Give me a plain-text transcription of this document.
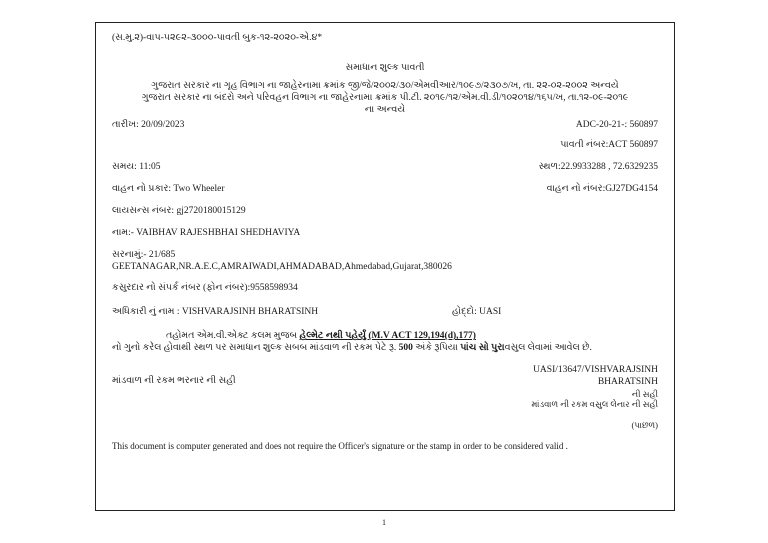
(સ.મુ.૨)-વાપ-૫૨૯૨-૩૦૦૦-પાવતી બુક-૧૨-૨૦૨૦-એ.૪*
સમાધાન શુલ્ક પાવતી
ગુજરાત સરકાર ના ગૃહ વિભાગ ના જાહેરનામા ક્રમાંક જી/જે/૨૦૦૨/૩૦/એમવીઆર/૧૦૯૭/૨૩૦૭/ખ, તા. ૨૨-૦૨-૨૦૦૨ અન્વયે
ગુજરાત સરકાર ના બંદરો અને પરિવહન વિભાગ ના જાહેરનામા ક્રમાંક પી.ટી. ૨૦૧૯/૧૨/એમ.વી.ડી/૧૦૨૦૧૪/૧૬૫/ખ, તા.૧૨-૦૯-૨૦૧૯
ના અન્વયે
તારીખ: 20/09/2023	ADC-20-21-: 560897
પાવતી નંબર:ACT 560897
સમય: 11:05	સ્થળ:22.9933288 , 72.6329235
વાહન નો પ્રકાર: Two Wheeler	વાહન નો નંબર:GJ27DG4154
લાયસન્સ નંબર: gj2720180015129
નામ:- VAIBHAV RAJESHBHAI SHEDHAVIYA
સરનામું:- 21/685
GEETANAGAR,NR.A.E.C,AMRAIWADI,AHMADABAD,Ahmedabad,Gujarat,380026
કસુરદાર નો સંપર્ક નંબર (ફોન નંબર):9558598934
અધિકારી નું નામ : VISHVARAJSINH BHARATSINH	હોદ્દો: UASI
તહોમત એમ.વી.એક્ટ કલમ મુજબ હેલ્મેટ નથી પહેર્યું (M.V ACT 129,194(d),177)
નો ગુનો કરેલ હોવાથી સ્થળ પર સમાધાન શુલ્ક સબબ માંડવાળ ની રકમ પેટે રૂ. 500 અંકે રૂપિયા પાંચ સો પુરાવસુલ લેવામાં આવેલ છે.
માંડવાળ ની રકમ ભરનાર ની સહી
UASI/13647/VISHVARAJSINH
BHARATSINH
ની સહી
માંડવાળ ની રકમ વસુલ લેનાર ની સહી
(પાછળ)
This document is computer generated and does not require the Officer's signature or the stamp in order to be considered valid .
1
